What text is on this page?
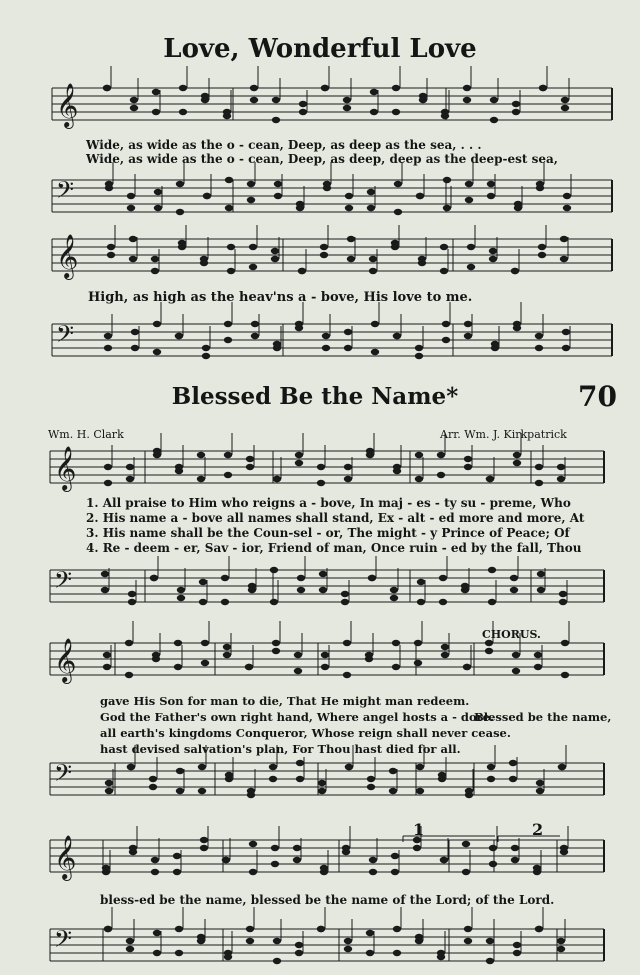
𝄞
𝄢
𝄞
𝄢
𝄞
𝄢
𝄞
𝄢
𝄞
𝄢
Love, Wonderful Love
Wide, as wide as the o - cean, Deep, as deep as the sea, . . .
Wide, as wide as the o - cean, Deep, as deep, deep as the deep-est sea,
High, as high as the heav'ns a - bove, His love to me.
Blessed Be the Name*	70
Wm. H. Clark	Arr. Wm. J. Kirkpatrick
1. All praise to Him who reigns a - bove, In maj - es - ty su - preme, Who
2. His name a - bove all names shall stand, Ex - alt - ed more and more, At
3. His name shall be the Coun-sel - or, The might - y Prince of Peace; Of
4. Re - deem - er, Sav - ior, Friend of man, Once ruin - ed by the fall, Thou
CHORUS.
gave His Son for man to die, That He might man redeem.
God the Father's own right hand, Where angel hosts a - dore.
all earth's kingdoms Conqueror, Whose reign shall never cease.
hast devised salvation's plan, For Thou hast died for all.
Blessed be the name,
1	2
bless-ed be the name, blessed be the name of the Lord; of the Lord.
